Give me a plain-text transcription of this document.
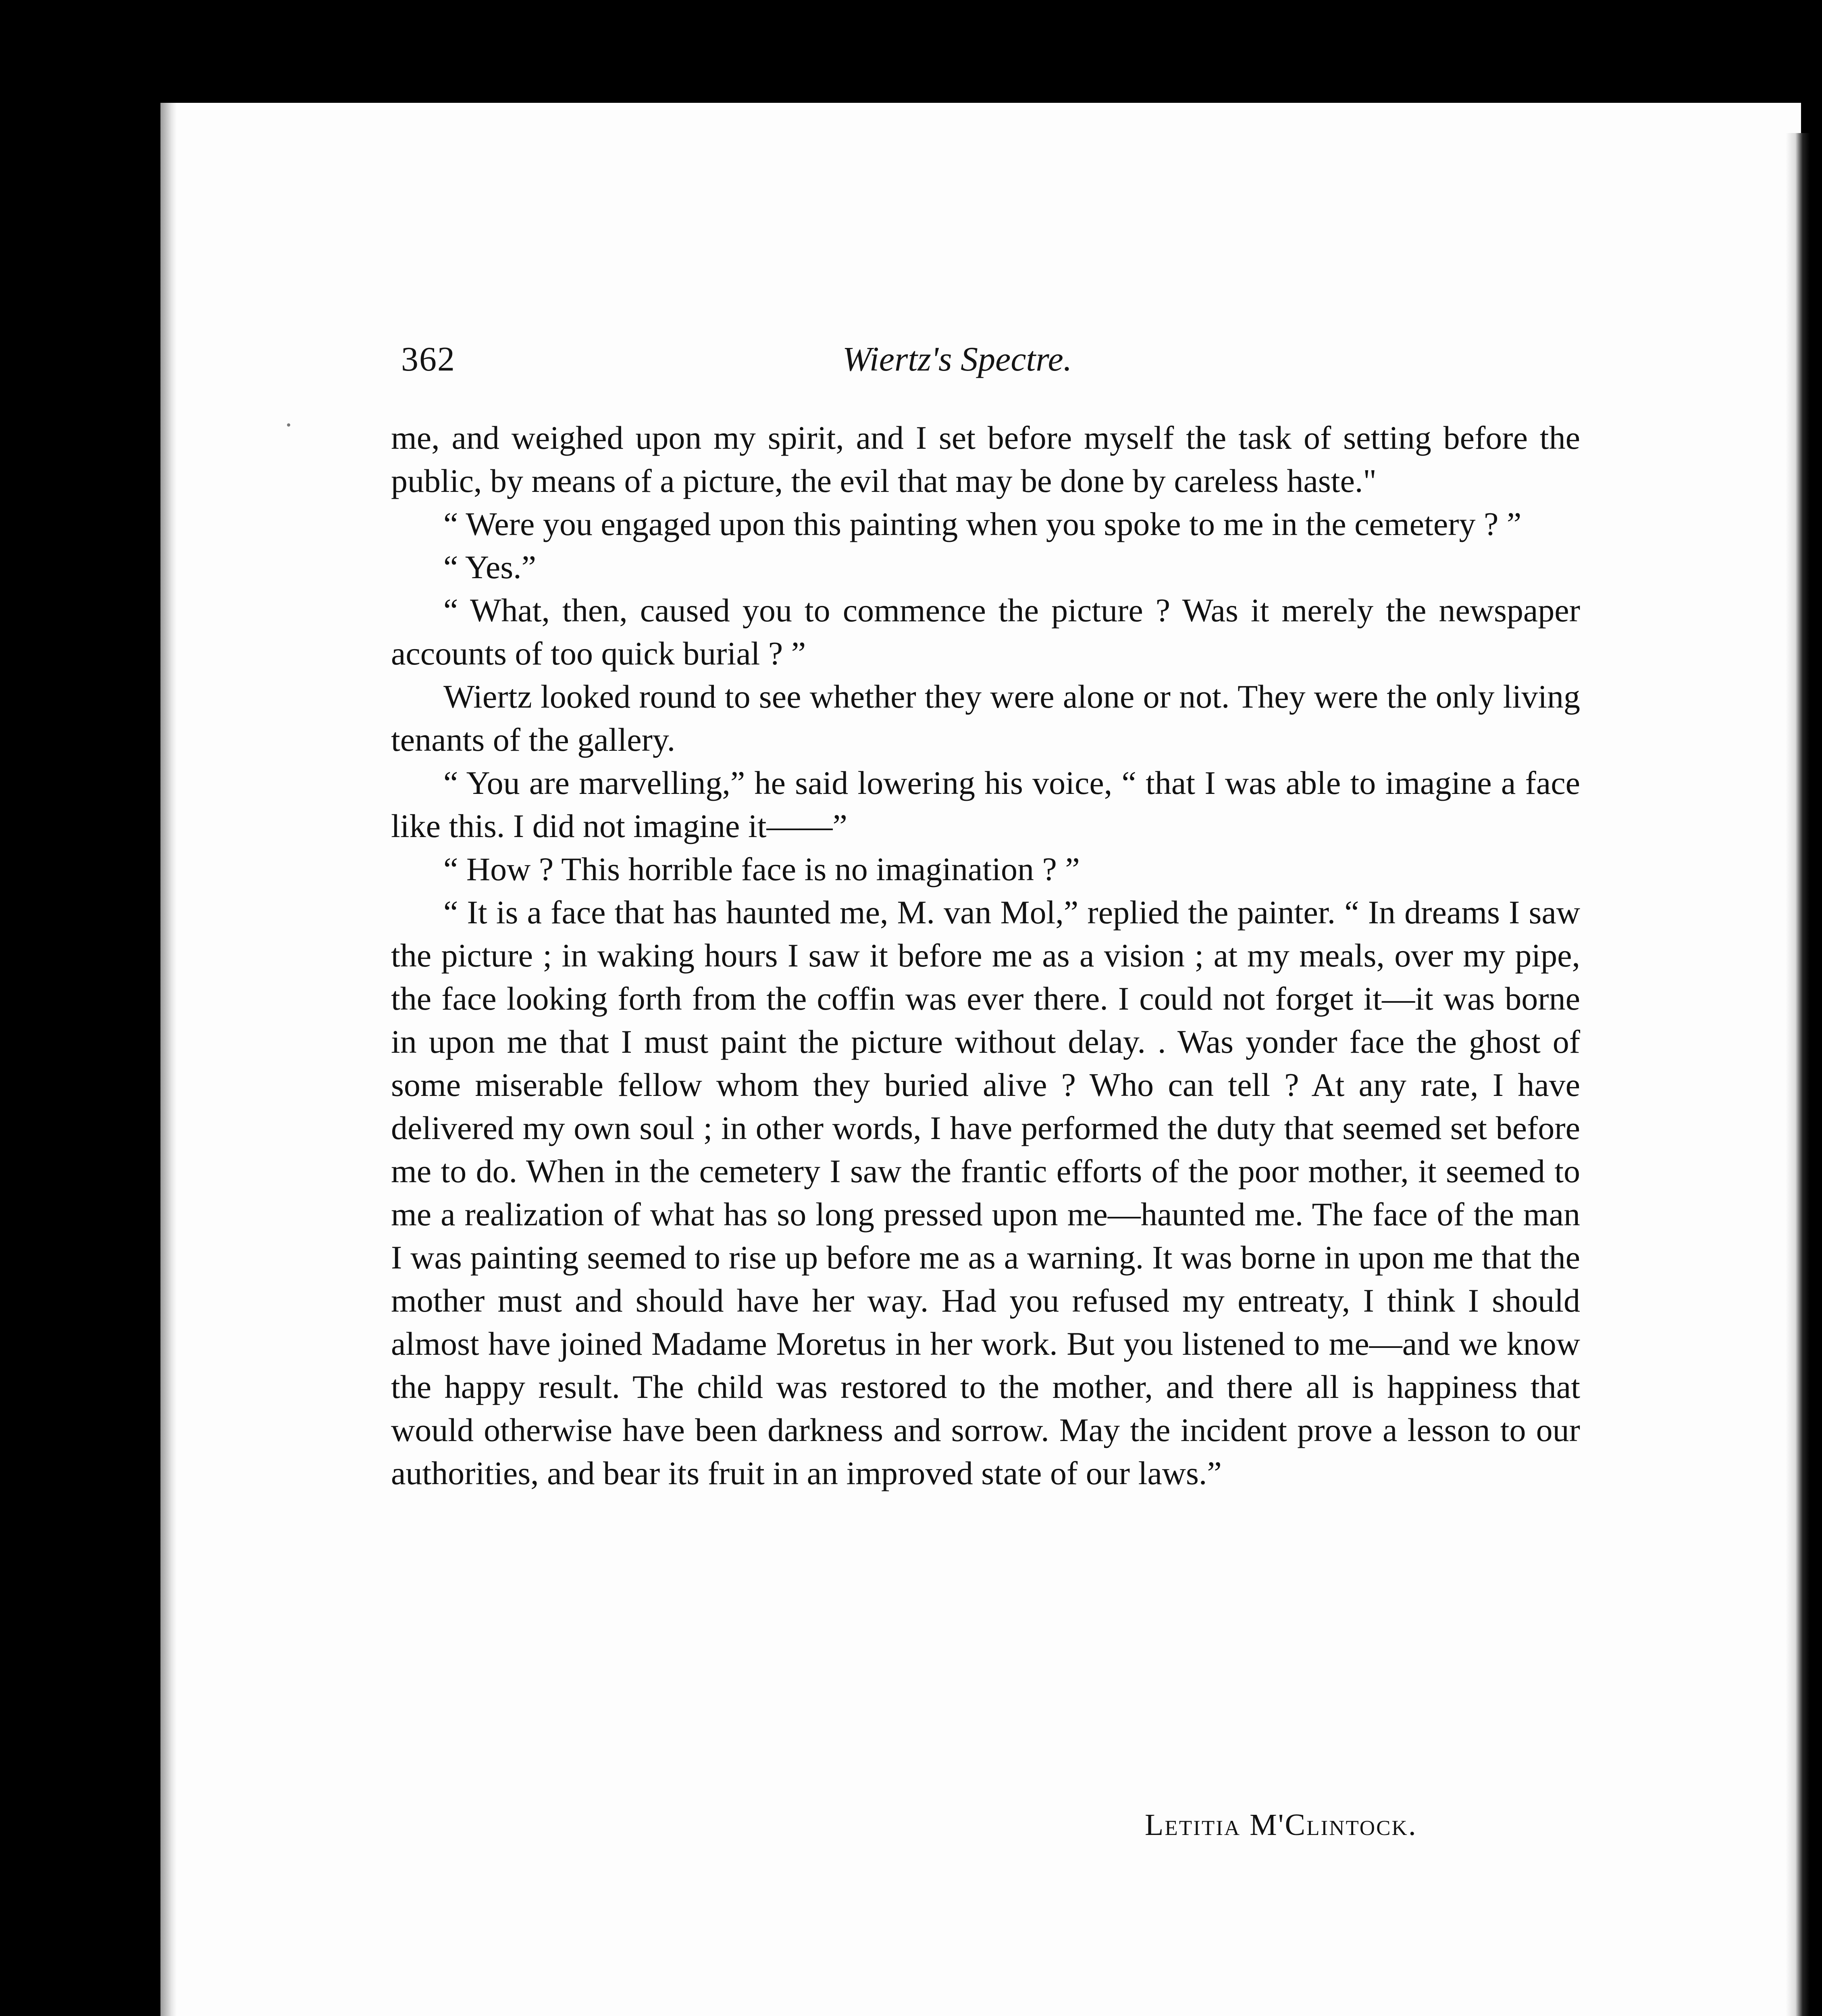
362	Wiertz's Spectre.

me, and weighed upon my spirit, and I set before myself the task of setting before the public, by means of a picture, the evil that may be done by careless haste."

“ Were you engaged upon this painting when you spoke to me in the cemetery ? ”

“ Yes.”

“ What, then, caused you to commence the picture ? Was it merely the newspaper accounts of too quick burial ? ”

Wiertz looked round to see whether they were alone or not. They were the only living tenants of the gallery.

“ You are marvelling,” he said lowering his voice, “ that I was able to imagine a face like this. I did not imagine it——”

“ How ? This horrible face is no imagination ? ”

“ It is a face that has haunted me, M. van Mol,” replied the painter. “ In dreams I saw the picture ; in waking hours I saw it before me as a vision ; at my meals, over my pipe, the face looking forth from the coffin was ever there. I could not forget it—it was borne in upon me that I must paint the picture without delay. . Was yonder face the ghost of some miserable fellow whom they buried alive ? Who can tell ? At any rate, I have delivered my own soul ; in other words, I have performed the duty that seemed set before me to do. When in the cemetery I saw the frantic efforts of the poor mother, it seemed to me a realization of what has so long pressed upon me—haunted me. The face of the man I was painting seemed to rise up before me as a warning. It was borne in upon me that the mother must and should have her way. Had you refused my entreaty, I think I should almost have joined Madame Moretus in her work. But you listened to me—and we know the happy result. The child was restored to the mother, and there all is happiness that would otherwise have been darkness and sorrow. May the incident prove a lesson to our authorities, and bear its fruit in an improved state of our laws.”

Letitia M'Clintock.
